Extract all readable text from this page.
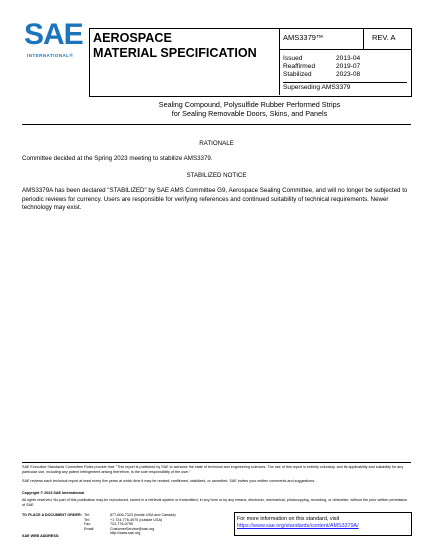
SAE
INTERNATIONAL®
AEROSPACE
MATERIAL SPECIFICATION
AMS3379™	REV. A
Issued	2013-04
Reaffirmed	2019-07
Stabilized	2023-08
Superseding AMS3379
Sealing Compound, Polysulfide Rubber Performed Strips
for Sealing Removable Doors, Skins, and Panels
RATIONALE
Committee decided at the Spring 2023 meeting to stabilize AMS3379.
STABILIZED NOTICE
AMS3379A has been declared "STABILIZED" by SAE AMS Committee G9, Aerospace Sealing Committee, and will no longer be subjected to periodic reviews for currency. Users are responsible for verifying references and continued suitability of technical requirements. Newer technology may exist.
SAE Executive Standards Committee Rules provide that: "This report is published by SAE to advance the state of technical and engineering sciences. The use of this report is entirely voluntary, and its applicability and suitability for any particular use, including any patent infringement arising therefrom, is the sole responsibility of the user."
SAE reviews each technical report at least every five years at which time it may be revised, reaffirmed, stabilized, or cancelled. SAE invites your written comments and suggestions.
Copyright © 2023 SAE International
All rights reserved. No part of this publication may be reproduced, stored in a retrieval system or transmitted, in any form or by any means, electronic, mechanical, photocopying, recording, or otherwise, without the prior written permission of SAE.
TO PLACE A DOCUMENT ORDER: Tel:	877-606-7323 (inside USA and Canada)
Tel:	+1 724-776-4970 (outside USA)
Fax:	724-776-0790
Email:	CustomerService@sae.org
http://www.sae.org
SAE WEB ADDRESS:
For more information on this standard, visit
https://www.sae.org/standards/content/AMS3379A/
